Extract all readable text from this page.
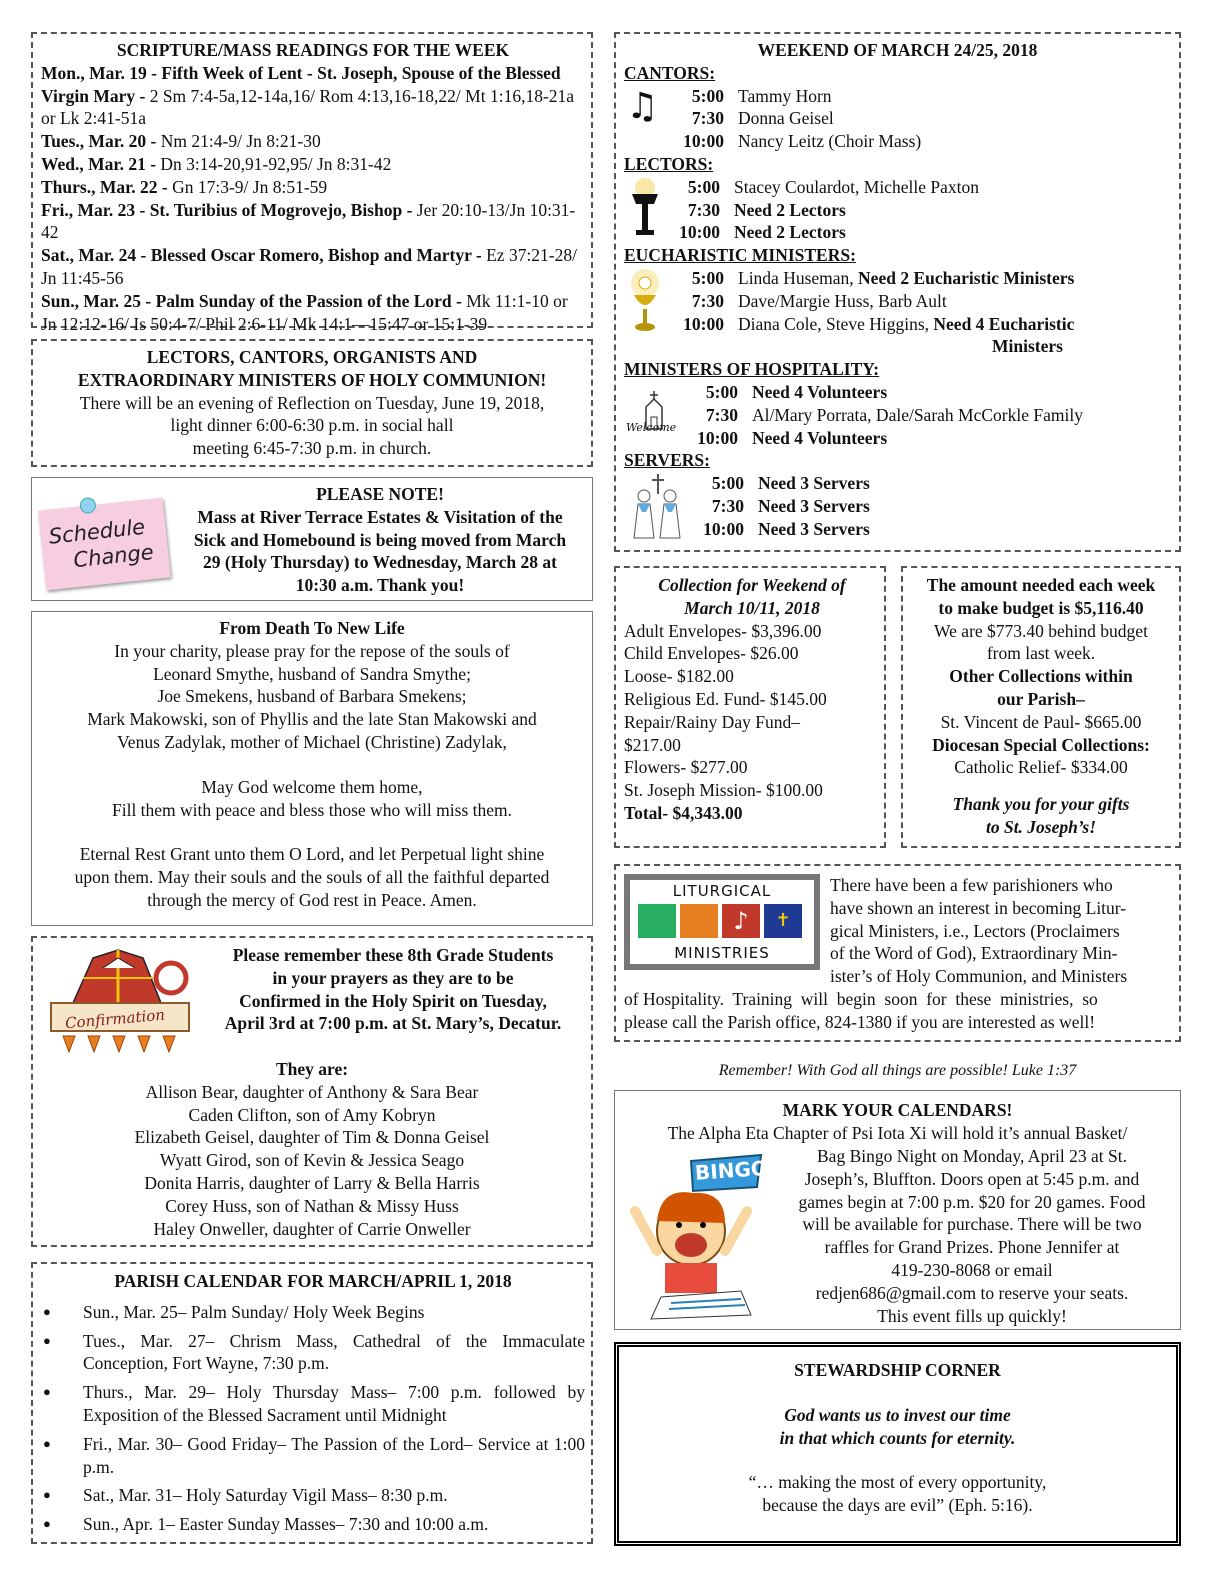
SCRIPTURE/MASS READINGS FOR THE WEEK
Mon., Mar. 19 - Fifth Week of Lent - St. Joseph, Spouse of the Blessed Virgin Mary - 2 Sm 7:4-5a,12-14a,16/ Rom 4:13,16-18,22/ Mt 1:16,18-21a or Lk 2:41-51a
Tues., Mar. 20 - Nm 21:4-9/ Jn 8:21-30
Wed., Mar. 21 - Dn 3:14-20,91-92,95/ Jn 8:31-42
Thurs., Mar. 22 - Gn 17:3-9/ Jn 8:51-59
Fri., Mar. 23 - St. Turibius of Mogrovejo, Bishop - Jer 20:10-13/Jn 10:31-42
Sat., Mar. 24 - Blessed Oscar Romero, Bishop and Martyr - Ez 37:21-28/ Jn 11:45-56
Sun., Mar. 25 - Palm Sunday of the Passion of the Lord - Mk 11:1-10 or Jn 12:12-16/ Is 50:4-7/ Phil 2:6-11/ Mk 14:1—15:47 or 15:1-39
LECTORS, CANTORS, ORGANISTS AND
EXTRAORDINARY MINISTERS OF HOLY COMMUNION!
There will be an evening of Reflection on Tuesday, June 19, 2018,
light dinner 6:00-6:30 p.m. in social hall
meeting 6:45-7:30 p.m. in church.
Schedule
Change
PLEASE NOTE!
Mass at River Terrace Estates & Visitation of the
Sick and Homebound is being moved from March
29 (Holy Thursday) to Wednesday, March 28 at
10:30 a.m. Thank you!
From Death To New Life
In your charity, please pray for the repose of the souls of
Leonard Smythe, husband of Sandra Smythe;
Joe Smekens, husband of Barbara Smekens;
Mark Makowski, son of Phyllis and the late Stan Makowski and
Venus Zadylak, mother of Michael (Christine) Zadylak,
May God welcome them home,
Fill them with peace and bless those who will miss them.
Eternal Rest Grant unto them O Lord, and let Perpetual light shine
upon them. May their souls and the souls of all the faithful departed
through the mercy of God rest in Peace. Amen.
Confirmation
Please remember these 8th Grade Students
in your prayers as they are to be
Confirmed in the Holy Spirit on Tuesday,
April 3rd at 7:00 p.m. at St. Mary’s, Decatur.
They are:
Allison Bear, daughter of Anthony & Sara Bear
Caden Clifton, son of Amy Kobryn
Elizabeth Geisel, daughter of Tim & Donna Geisel
Wyatt Girod, son of Kevin & Jessica Seago
Donita Harris, daughter of Larry & Bella Harris
Corey Huss, son of Nathan & Missy Huss
Haley Onweller, daughter of Carrie Onweller
PARISH CALENDAR FOR MARCH/APRIL 1, 2018
● Sun., Mar. 25– Palm Sunday/ Holy Week Begins
● Tues., Mar. 27– Chrism Mass, Cathedral of the Immaculate Conception, Fort Wayne, 7:30 p.m.
● Thurs., Mar. 29– Holy Thursday Mass– 7:00 p.m. followed by Exposition of the Blessed Sacrament until Midnight
● Fri., Mar. 30– Good Friday– The Passion of the Lord– Service at 1:00 p.m.
● Sat., Mar. 31– Holy Saturday Vigil Mass– 8:30 p.m.
● Sun., Apr. 1– Easter Sunday Masses– 7:30 and 10:00 a.m.
WEEKEND OF MARCH 24/25, 2018
CANTORS:
♫	5:00 Tammy Horn
7:30 Donna Geisel
10:00 Nancy Leitz (Choir Mass)
LECTORS:
5:00 Stacey Coulardot, Michelle Paxton
7:30 Need 2 Lectors
10:00 Need 2 Lectors
EUCHARISTIC MINISTERS:
5:00 Linda Huseman, Need 2 Eucharistic Ministers
7:30 Dave/Margie Huss, Barb Ault
10:00 Diana Cole, Steve Higgins, Need 4 Eucharistic
Ministers
MINISTERS OF HOSPITALITY:
Welcome
5:00 Need 4 Volunteers
7:30 Al/Mary Porrata, Dale/Sarah McCorkle Family
10:00 Need 4 Volunteers
SERVERS:
5:00 Need 3 Servers
7:30 Need 3 Servers
10:00 Need 3 Servers
Collection for Weekend of
March 10/11, 2018
Adult Envelopes- $3,396.00
Child Envelopes- $26.00
Loose- $182.00
Religious Ed. Fund- $145.00
Repair/Rainy Day Fund–
$217.00
Flowers- $277.00
St. Joseph Mission- $100.00
Total- $4,343.00
The amount needed each week
to make budget is $5,116.40
We are $773.40 behind budget
from last week.
Other Collections within
our Parish–
St. Vincent de Paul- $665.00
Diocesan Special Collections:
Catholic Relief- $334.00
Thank you for your gifts
to St. Joseph’s!
LITURGICAL
♪	✝
MINISTRIES
There have been a few parishioners who
have shown an interest in becoming Litur-
gical Ministers, i.e., Lectors (Proclaimers
of the Word of God), Extraordinary Min-
ister’s of Holy Communion, and Ministers
of Hospitality.  Training  will  begin  soon  for  these  ministries,  so
please call the Parish office, 824-1380 if you are interested as well!
Remember! With God all things are possible! Luke 1:37
MARK YOUR CALENDARS!
The Alpha Eta Chapter of Psi Iota Xi will hold it’s annual Basket/
BINGO!	Bag Bingo Night on Monday, April 23 at St.
Joseph’s, Bluffton. Doors open at 5:45 p.m. and
games begin at 7:00 p.m. $20 for 20 games. Food
will be available for purchase. There will be two
raffles for Grand Prizes. Phone Jennifer at
419-230-8068 or email
redjen686@gmail.com to reserve your seats.
This event fills up quickly!
STEWARDSHIP CORNER
God wants us to invest our time
in that which counts for eternity.
“… making the most of every opportunity,
because the days are evil” (Eph. 5:16).
